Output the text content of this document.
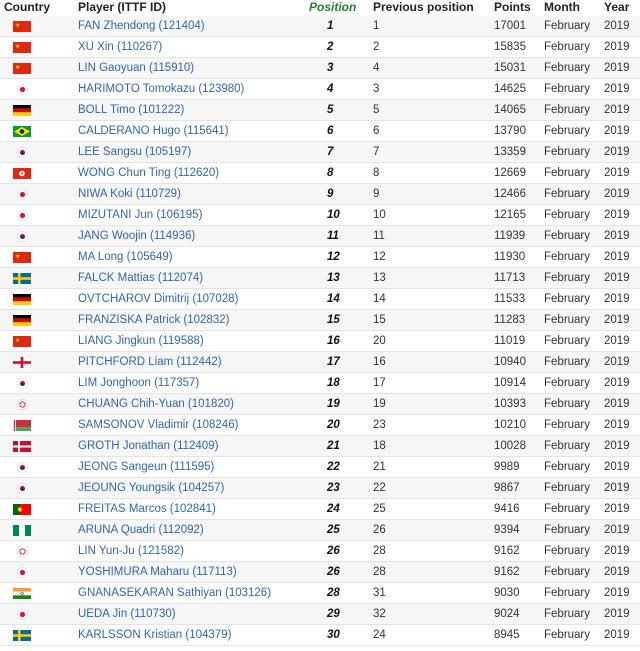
Country	Player (ITTF ID)	Position	Previous position	Points	Month	Year

★	FAN Zhendong (121404)	1	1	17001	February	2019

★	XU Xin (110267)	2	2	15835	February	2019

★	LIN Gaoyuan (115910)	3	4	15031	February	2019

	HARIMOTO Tomokazu (123980)	4	3	14625	February	2019

	BOLL Timo (101222)	5	5	14065	February	2019

	CALDERANO Hugo (115641)	6	6	13790	February	2019

	LEE Sangsu (105197)	7	7	13359	February	2019

	WONG Chun Ting (112620)	8	8	12669	February	2019

	NIWA Koki (110729)	9	9	12466	February	2019

	MIZUTANI Jun (106195)	10	10	12165	February	2019

	JANG Woojin (114936)	11	11	11939	February	2019

★	MA Long (105649)	12	12	11930	February	2019

	FALCK Mattias (112074)	13	13	11713	February	2019

	OVTCHAROV Dimitrij (107028)	14	14	11533	February	2019

	FRANZISKA Patrick (102832)	15	15	11283	February	2019

★	LIANG Jingkun (119588)	16	20	11019	February	2019

	PITCHFORD Liam (112442)	17	16	10940	February	2019

	LIM Jonghoon (117357)	18	17	10914	February	2019

	CHUANG Chih-Yuan (101820)	19	19	10393	February	2019

	SAMSONOV Vladimir (108246)	20	23	10210	February	2019

	GROTH Jonathan (112409)	21	18	10028	February	2019

	JEONG Sangeun (111595)	22	21	9989	February	2019

	JEOUNG Youngsik (104257)	23	22	9867	February	2019

	FREITAS Marcos (102841)	24	25	9416	February	2019

	ARUNA Quadri (112092)	25	26	9394	February	2019

	LIN Yun-Ju (121582)	26	28	9162	February	2019

	YOSHIMURA Maharu (117113)	26	28	9162	February	2019

	GNANASEKARAN Sathiyan (103126)	28	31	9030	February	2019

	UEDA Jin (110730)	29	32	9024	February	2019

	KARLSSON Kristian (104379)	30	24	8945	February	2019
